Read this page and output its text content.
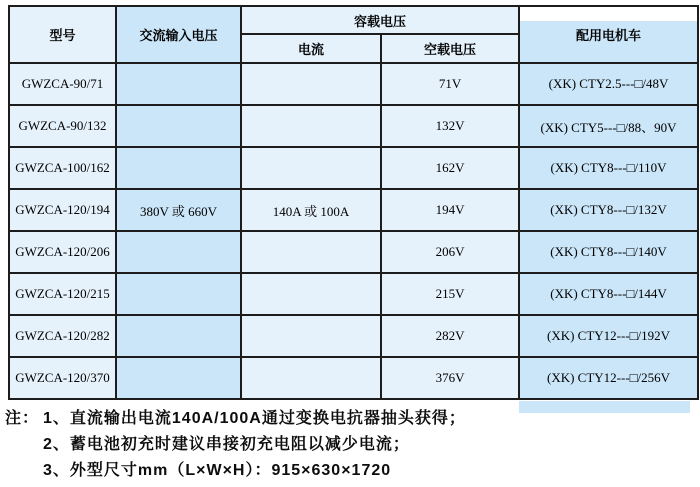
型号	交流输入电压	容载电压		配用电机车
		电流	空载电压	
GWZCA-90/71			71V	(XK) CTY2.5---□/48V
GWZCA-90/132			132V	(XK) CTY5---□/88、90V
GWZCA-100/162			162V	(XK) CTY8---□/110V
GWZCA-120/194	380V 或 660V	140A 或 100A	194V	(XK) CTY8---□/132V
GWZCA-120/206			206V	(XK) CTY8---□/140V
GWZCA-120/215			215V	(XK) CTY8---□/144V
GWZCA-120/282			282V	(XK) CTY12---□/192V
GWZCA-120/370			376V	(XK) CTY12---□/256V
注： 1、直流输出电流140A/100A通过变换电抗器抽头获得；
2、蓄电池初充时建议串接初充电阻以减少电流；
3、外型尺寸mm（L×W×H）：915×630×1720
